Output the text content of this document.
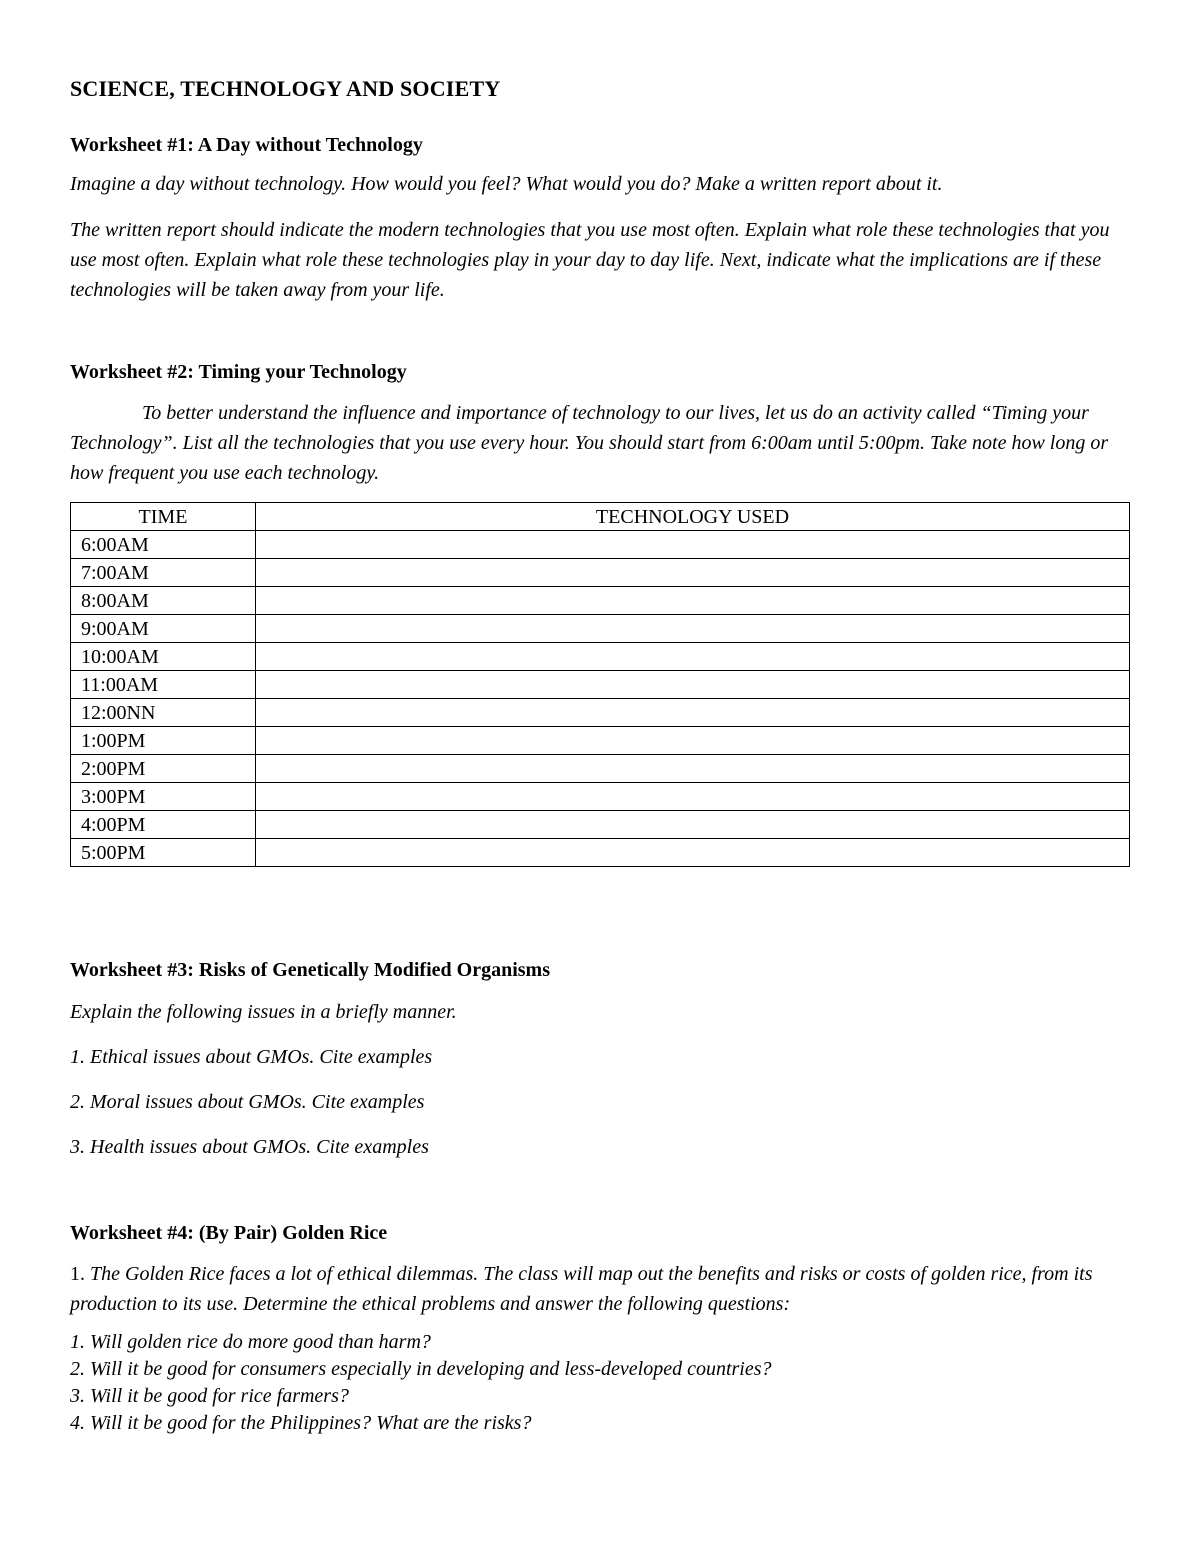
SCIENCE, TECHNOLOGY AND SOCIETY
Worksheet #1: A Day without Technology

Imagine a day without technology. How would you feel? What would you do? Make a written report about it.

The written report should indicate the modern technologies that you use most often. Explain what role these technologies that you use most often. Explain what role these technologies play in your day to day life. Next, indicate what the implications are if these technologies will be taken away from your life.

Worksheet #2: Timing your Technology

To better understand the influence and importance of technology to our lives, let us do an activity called “Timing your Technology”. List all the technologies that you use every hour. You should start from 6:00am until 5:00pm. Take note how long or how frequent you use each technology.

TIME	TECHNOLOGY USED
6:00AM	
7:00AM	
8:00AM	
9:00AM	
10:00AM	
11:00AM	
12:00NN	
1:00PM	
2:00PM	
3:00PM	
4:00PM	
5:00PM	
Worksheet #3: Risks of Genetically Modified Organisms

Explain the following issues in a briefly manner.

1. Ethical issues about GMOs. Cite examples

2. Moral issues about GMOs. Cite examples

3. Health issues about GMOs. Cite examples

Worksheet #4: (By Pair) Golden Rice

1. The Golden Rice faces a lot of ethical dilemmas. The class will map out the benefits and risks or costs of golden rice, from its production to its use. Determine the ethical problems and answer the following questions:

1. Will golden rice do more good than harm?

2. Will it be good for consumers especially in developing and less-developed countries?

3. Will it be good for rice farmers?

4. Will it be good for the Philippines? What are the risks?
